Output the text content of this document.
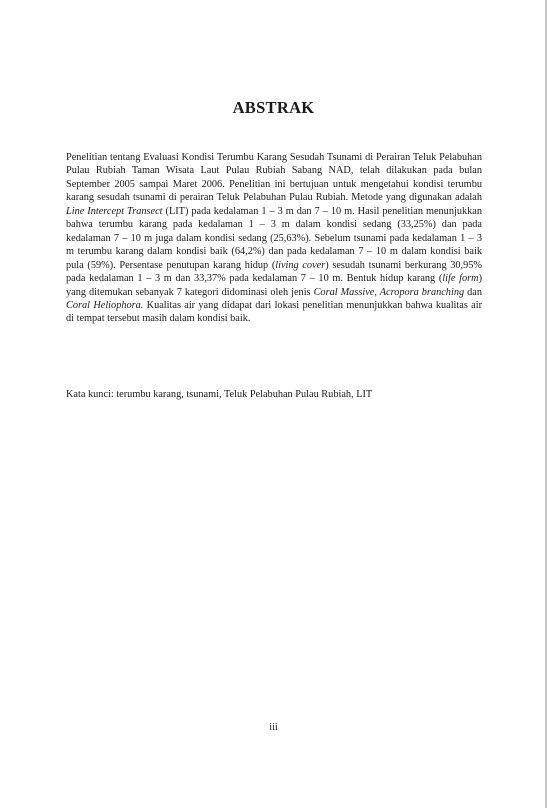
ABSTRAK

Penelitian tentang Evaluasi Kondisi Terumbu Karang Sesudah Tsunami di Perairan Teluk Pelabuhan Pulau Rubiah Taman Wisata Laut Pulau Rubiah Sabang NAD, telah dilakukan pada bulan September 2005 sampai Maret 2006. Penelitian ini bertujuan untuk mengetahui kondisi terumbu karang sesudah tsunami di perairan Teluk Pelabuhan Pulau Rubiah. Metode yang digunakan adalah Line Intercept Transect (LIT) pada kedalaman 1 – 3 m dan 7 – 10 m. Hasil penelitian menunjukkan bahwa terumbu karang pada kedalaman 1 – 3 m dalam kondisi sedang (33,25%) dan pada kedalaman 7 – 10 m juga dalam kondisi sedang (25,63%). Sebelum tsunami pada kedalaman 1 – 3 m terumbu karang dalam kondisi baik (64,2%) dan pada kedalaman 7 – 10 m dalam kondisi baik pula (59%). Persentase penutupan karang hidup (living cover) sesudah tsunami berkurang 30,95% pada kedalaman 1 – 3 m dan 33,37% pada kedalaman 7 – 10 m. Bentuk hidup karang (life form) yang ditemukan sebanyak 7 kategori didominasi oleh jenis Coral Massive, Acropora branching dan Coral Heliophora. Kualitas air yang didapat dari lokasi penelitian menunjukkan bahwa kualitas air di tempat tersebut masih dalam kondisi baik.

Kata kunci: terumbu karang, tsunami, Teluk Pelabuhan Pulau Rubiah, LIT

iii
